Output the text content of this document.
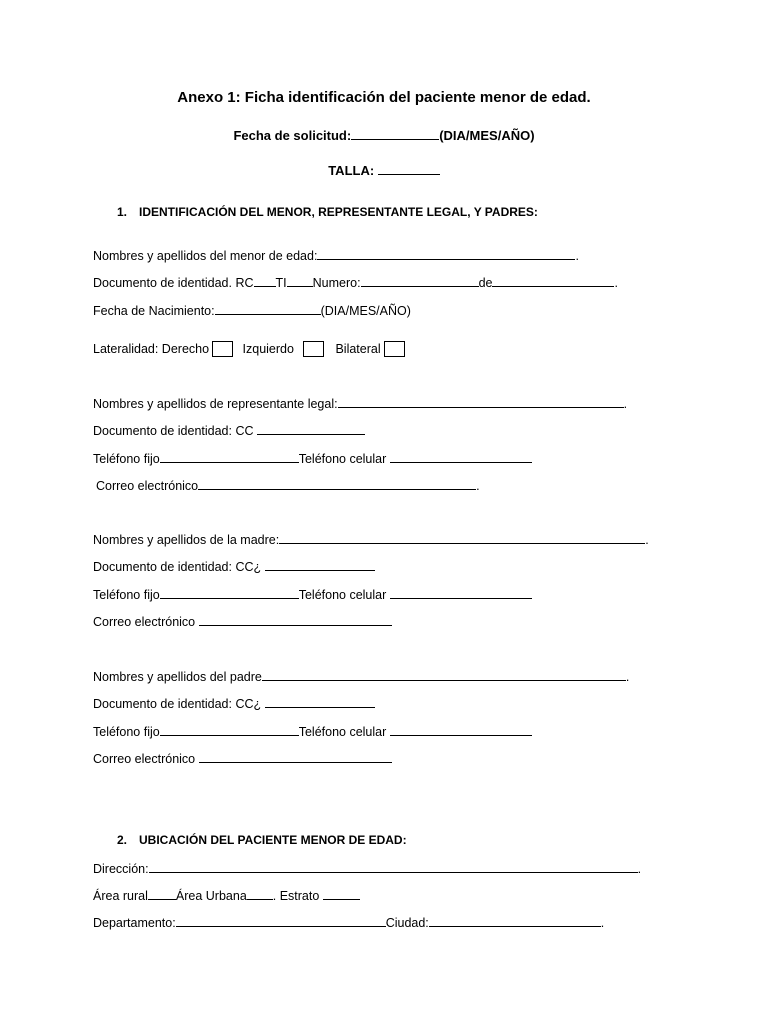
Anexo 1: Ficha identificación del paciente menor de edad.
Fecha de solicitud:	(DIA/MES/AÑO)
TALLA:
1. IDENTIFICACIÓN DEL MENOR, REPRESENTANTE LEGAL, Y PADRES:
Nombres y apellidos del menor de edad:	.
Documento de identidad. RC TI Numero:	de	.
Fecha de Nacimiento:	(DIA/MES/AÑO)
Lateralidad: Derecho	Izquierdo	Bilateral
Nombres y apellidos de representante legal:	.
Documento de identidad: CC
Teléfono fijo	Teléfono celular
Correo electrónico	.
Nombres y apellidos de la madre:	.
Documento de identidad: CC¿
Teléfono fijo	Teléfono celular
Correo electrónico
Nombres y apellidos del padre	.
Documento de identidad: CC¿
Teléfono fijo	Teléfono celular
Correo electrónico
2. UBICACIÓN DEL PACIENTE MENOR DE EDAD:
Dirección:	.
Área rural Área Urbana . Estrato
Departamento:	Ciudad:	.
